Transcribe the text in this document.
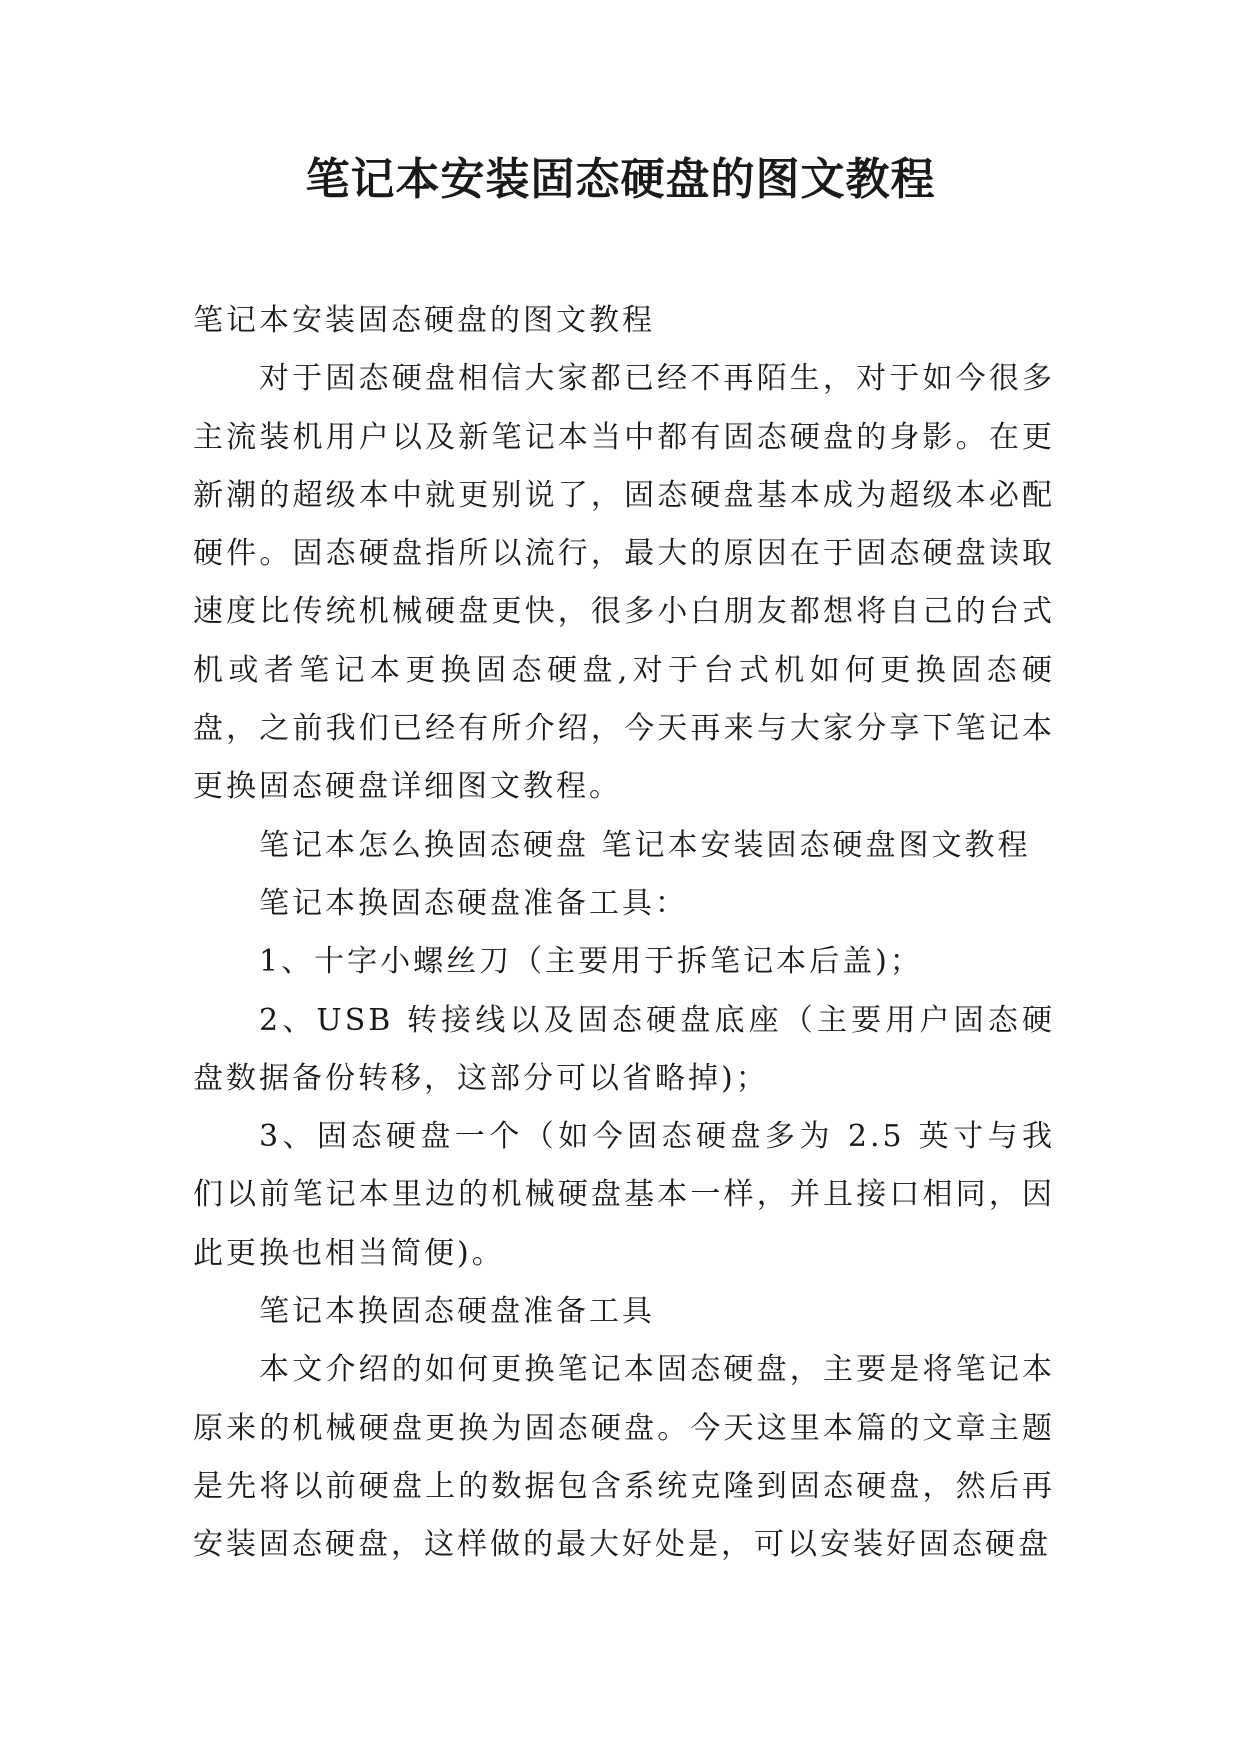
笔记本安装固态硬盘的图文教程

笔记本安装固态硬盘的图文教程

对于固态硬盘相信大家都已经不再陌生，对于如今很多主流装机用户以及新笔记本当中都有固态硬盘的身影。在更新潮的超级本中就更别说了，固态硬盘基本成为超级本必配硬件。固态硬盘指所以流行，最大的原因在于固态硬盘读取速度比传统机械硬盘更快，很多小白朋友都想将自己的台式机或者笔记本更换固态硬盘,对于台式机如何更换固态硬盘，之前我们已经有所介绍，今天再来与大家分享下笔记本更换固态硬盘详细图文教程。

笔记本怎么换固态硬盘 笔记本安装固态硬盘图文教程

笔记本换固态硬盘准备工具：

1、十字小螺丝刀（主要用于拆笔记本后盖)；

2、USB 转接线以及固态硬盘底座（主要用户固态硬盘数据备份转移，这部分可以省略掉)；

3、固态硬盘一个（如今固态硬盘多为 2.5 英寸与我们以前笔记本里边的机械硬盘基本一样，并且接口相同，因此更换也相当简便)。

笔记本换固态硬盘准备工具

本文介绍的如何更换笔记本固态硬盘，主要是将笔记本原来的机械硬盘更换为固态硬盘。今天这里本篇的文章主题是先将以前硬盘上的数据包含系统克隆到固态硬盘，然后再安装固态硬盘，这样做的最大好处是，可以安装好固态硬盘
